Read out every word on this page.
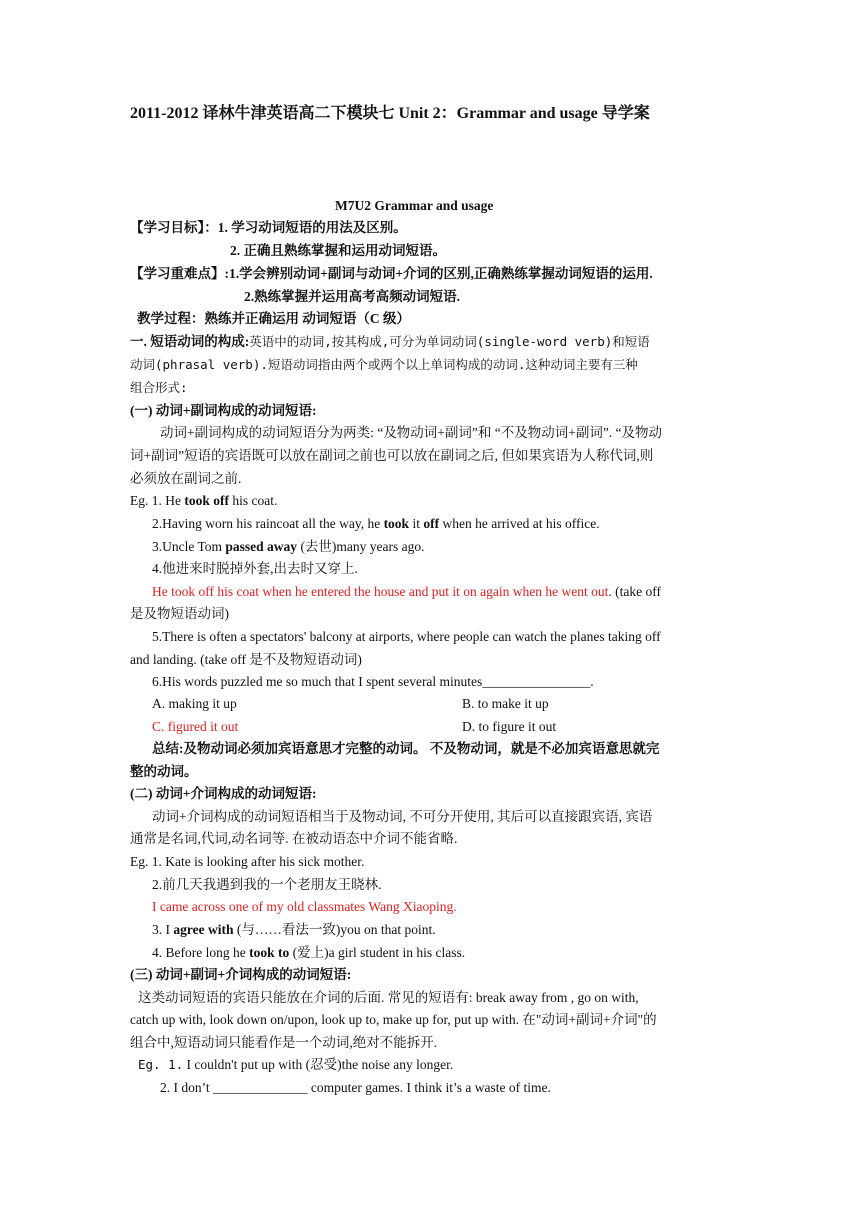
2011-2012 译林牛津英语高二下模块七 Unit 2：Grammar and usage 导学案
M7U2 Grammar and usage
【学习目标】：1. 学习动词短语的用法及区别。
2. 正确且熟练掌握和运用动词短语。
【学习重难点】:1.学会辨别动词+副词与动词+介词的区别,正确熟练掌握动词短语的运用.
2.熟练掌握并运用高考高频动词短语.
教学过程：熟练并正确运用 动词短语（C 级）
一. 短语动词的构成:英语中的动词,按其构成,可分为单词动词(single-word verb)和短语
动词(phrasal verb).短语动词指由两个或两个以上单词构成的动词.这种动词主要有三种
组合形式:
(一) 动词+副词构成的动词短语:
动词+副词构成的动词短语分为两类: “及物动词+副词”和 “不及物动词+副词”. “及物动
词+副词”短语的宾语既可以放在副词之前也可以放在副词之后, 但如果宾语为人称代词,则
必须放在副词之前.
Eg. 1. He took off his coat.
2.Having worn his raincoat all the way, he took it off when he arrived at his office.
3.Uncle Tom passed away (去世)many years ago.
4.他进来时脱掉外套,出去时又穿上.
He took off his coat when he entered the house and put it on again when he went out. (take off
是及物短语动词)
5.There is often a spectators' balcony at airports, where people can watch the planes taking off
and landing. (take off 是不及物短语动词)
6.His words puzzled me so much that I spent several minutes________________.
A. making it up	B. to make it up
C. figured it out	D. to figure it out
总结:及物动词必须加宾语意思才完整的动词。 不及物动词，就是不必加宾语意思就完
整的动词。
(二) 动词+介词构成的动词短语:
动词+介词构成的动词短语相当于及物动词, 不可分开使用, 其后可以直接跟宾语, 宾语
通常是名词,代词,动名词等. 在被动语态中介词不能省略.
Eg. 1. Kate is looking after his sick mother.
2.前几天我遇到我的一个老朋友王晓林.
I came across one of my old classmates Wang Xiaoping.
3. I agree with (与……看法一致)you on that point.
4. Before long he took to (爱上)a girl student in his class.
(三) 动词+副词+介词构成的动词短语:
这类动词短语的宾语只能放在介词的后面. 常见的短语有: break away from , go on with,
catch up with, look down on/upon, look up to, make up for, put up with. 在"动词+副词+介词"的
组合中,短语动词只能看作是一个动词,绝对不能拆开.
Eg. 1. I couldn't put up with (忍受)the noise any longer.
2. I don’t ______________ computer games. I think it’s a waste of time.
